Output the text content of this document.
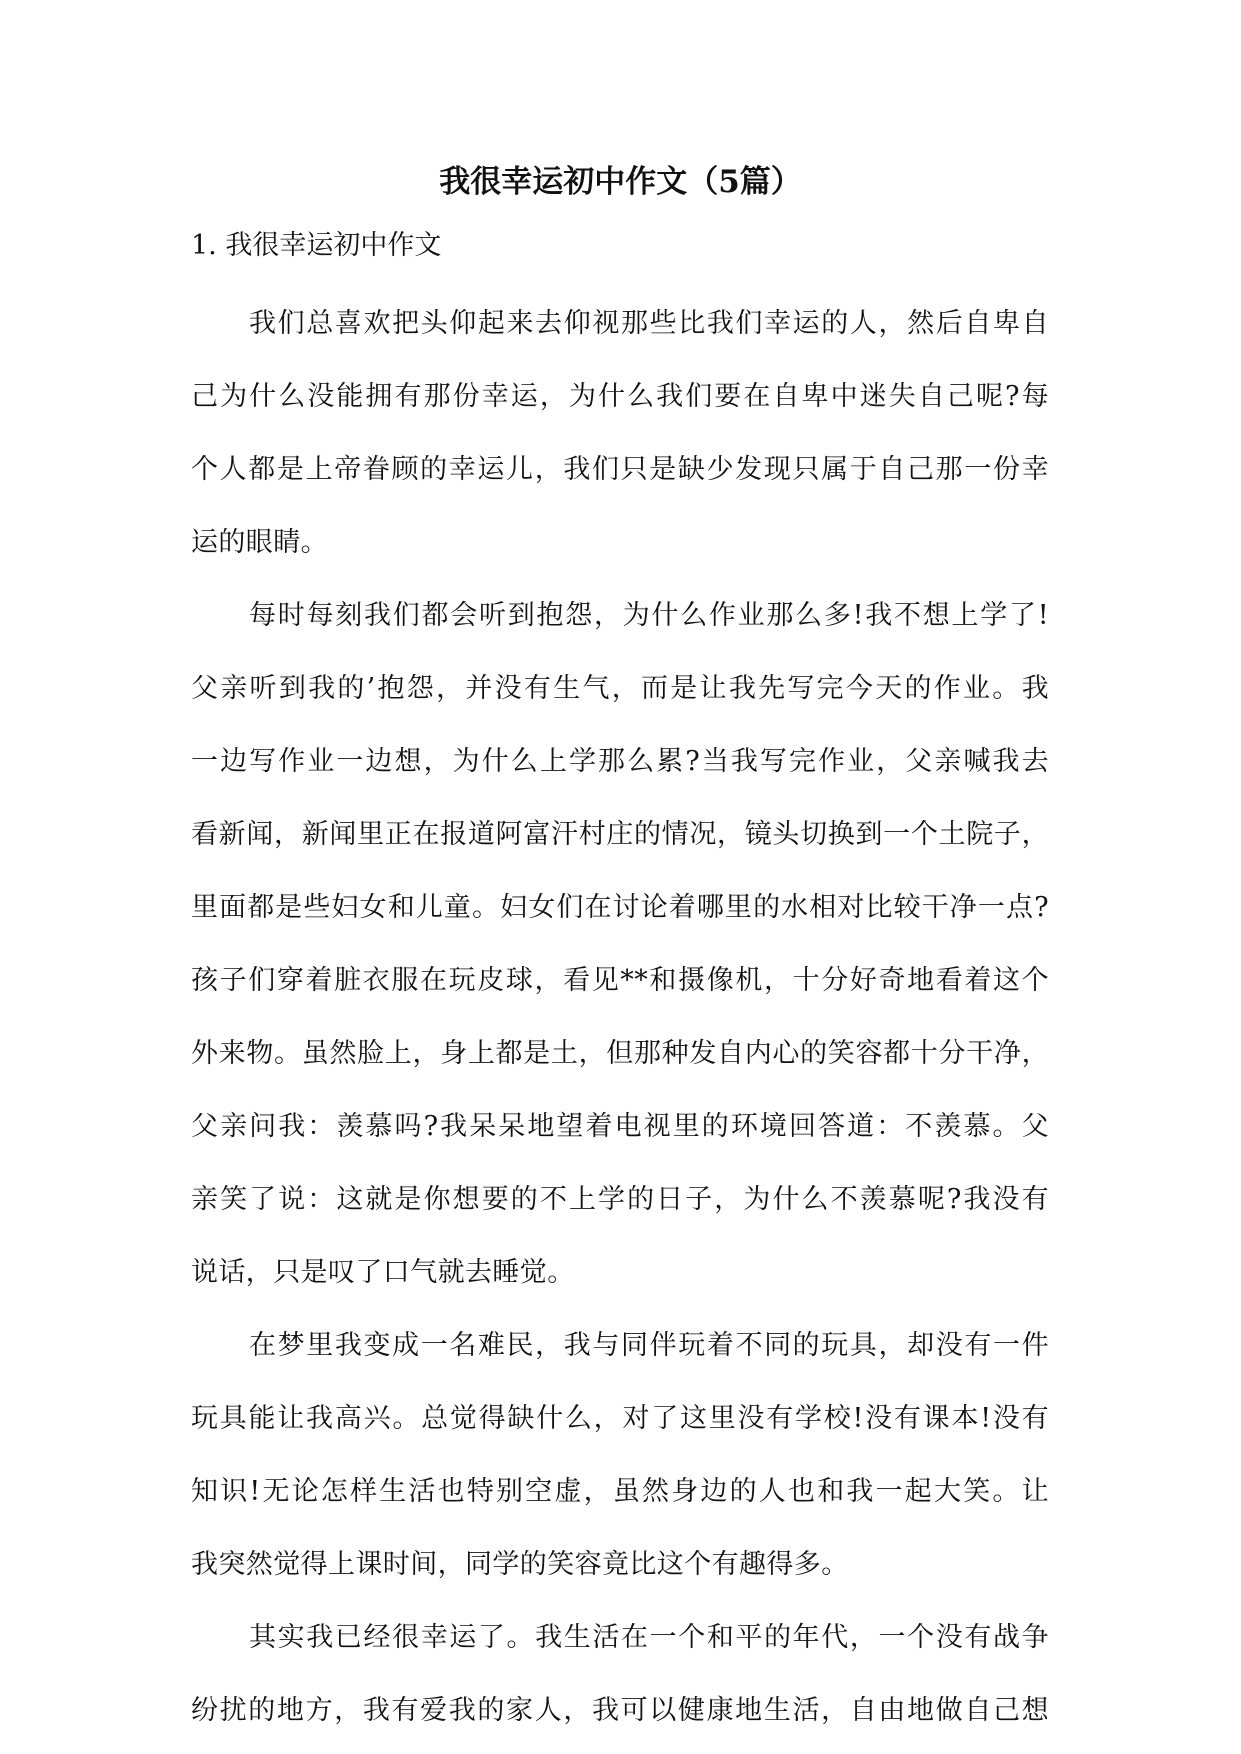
我很幸运初中作文（5篇）
1. 我很幸运初中作文
我们总喜欢把头仰起来去仰视那些比我们幸运的人，然后自卑自
己为什么没能拥有那份幸运，为什么我们要在自卑中迷失自己呢?每
个人都是上帝眷顾的幸运儿，我们只是缺少发现只属于自己那一份幸
运的眼睛。
每时每刻我们都会听到抱怨，为什么作业那么多!我不想上学了!
父亲听到我的’抱怨，并没有生气，而是让我先写完今天的作业。我
一边写作业一边想，为什么上学那么累?当我写完作业，父亲喊我去
看新闻，新闻里正在报道阿富汗村庄的情况，镜头切换到一个土院子，
里面都是些妇女和儿童。妇女们在讨论着哪里的水相对比较干净一点?
孩子们穿着脏衣服在玩皮球，看见**和摄像机，十分好奇地看着这个
外来物。虽然脸上，身上都是土，但那种发自内心的笑容都十分干净，
父亲问我：羡慕吗?我呆呆地望着电视里的环境回答道：不羡慕。父
亲笑了说：这就是你想要的不上学的日子，为什么不羡慕呢?我没有
说话，只是叹了口气就去睡觉。
在梦里我变成一名难民，我与同伴玩着不同的玩具，却没有一件
玩具能让我高兴。总觉得缺什么，对了这里没有学校!没有课本!没有
知识!无论怎样生活也特别空虚，虽然身边的人也和我一起大笑。让
我突然觉得上课时间，同学的笑容竟比这个有趣得多。
其实我已经很幸运了。我生活在一个和平的年代，一个没有战争
纷扰的地方，我有爱我的家人，我可以健康地生活，自由地做自己想
